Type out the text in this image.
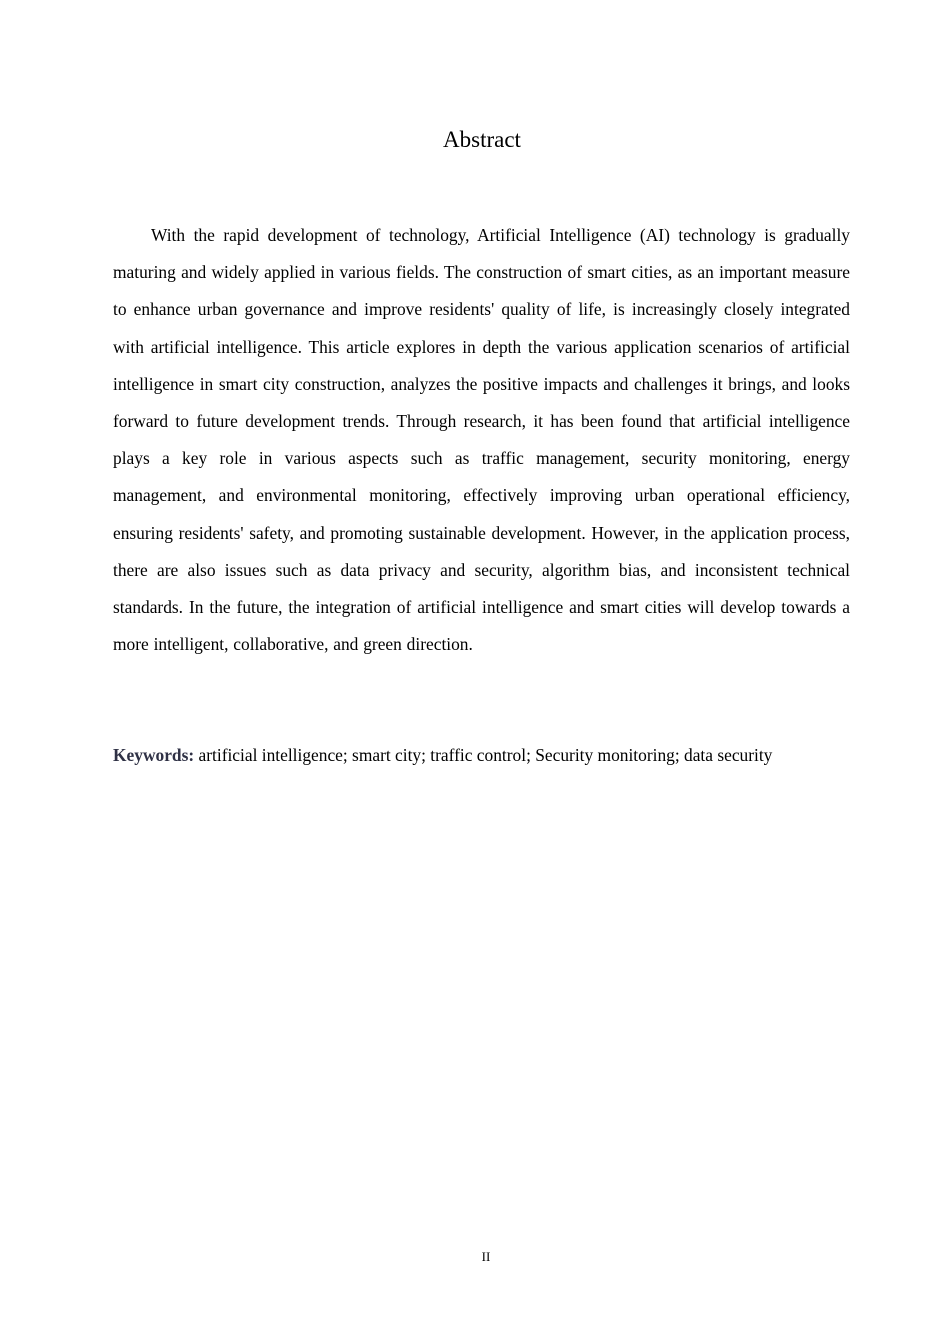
Abstract

With the rapid development of technology, Artificial Intelligence (AI) technology is gradually maturing and widely applied in various fields. The construction of smart cities, as an important measure to enhance urban governance and improve residents' quality of life, is increasingly closely integrated with artificial intelligence. This article explores in depth the various application scenarios of artificial intelligence in smart city construction, analyzes the positive impacts and challenges it brings, and looks forward to future development trends. Through research, it has been found that artificial intelligence plays a key role in various aspects such as traffic management, security monitoring, energy management, and environmental monitoring, effectively improving urban operational efficiency, ensuring residents' safety, and promoting sustainable development. However, in the application process, there are also issues such as data privacy and security, algorithm bias, and inconsistent technical standards. In the future, the integration of artificial intelligence and smart cities will develop towards a more intelligent, collaborative, and green direction.

Keywords: artificial intelligence; smart city; traffic control; Security monitoring; data security

II
